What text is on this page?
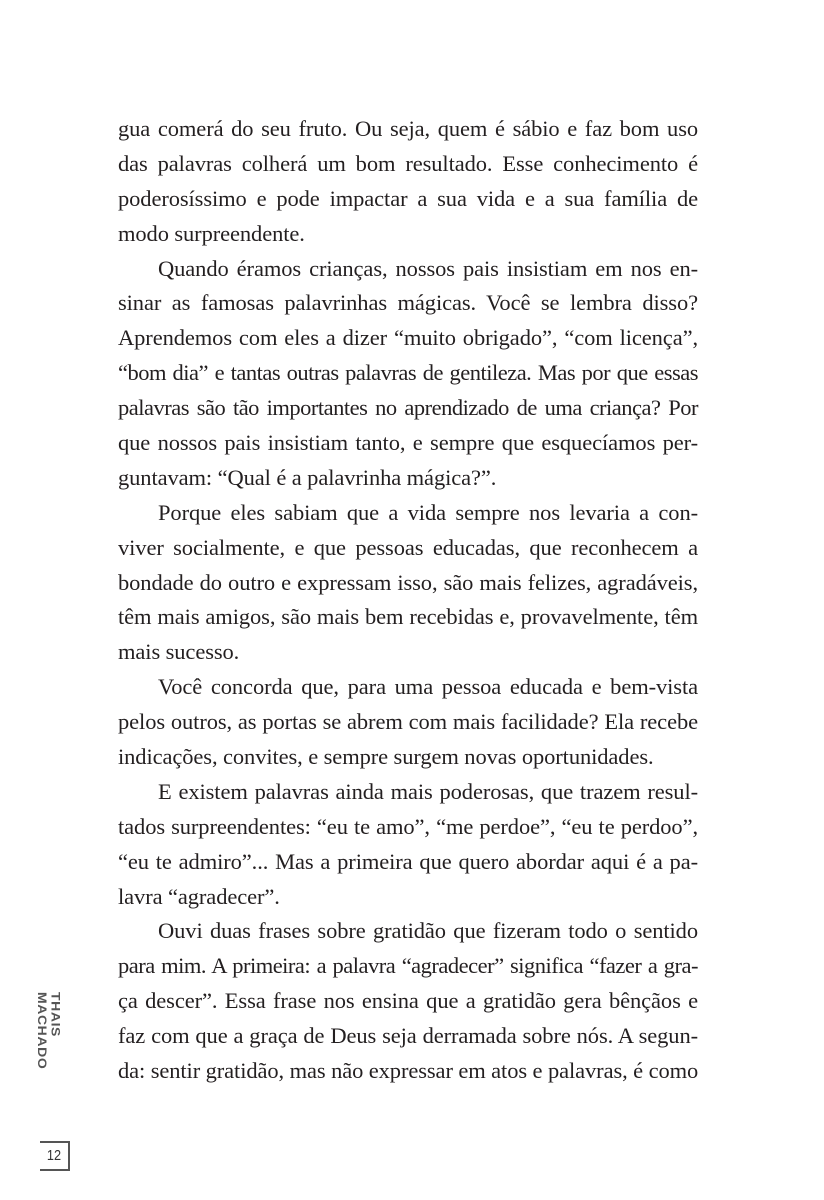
gua comerá do seu fruto. Ou seja, quem é sábio e faz bom uso
das palavras colherá um bom resultado. Esse conhecimento é
poderosíssimo e pode impactar a sua vida e a sua família de
modo surpreendente.
Quando éramos crianças, nossos pais insistiam em nos en-
sinar as famosas palavrinhas mágicas. Você se lembra disso?
Aprendemos com eles a dizer “muito obrigado”, “com licença”,
“bom dia” e tantas outras palavras de gentileza. Mas por que essas
palavras são tão importantes no aprendizado de uma criança? Por
que nossos pais insistiam tanto, e sempre que esquecíamos per-
guntavam: “Qual é a palavrinha mágica?”.
Porque eles sabiam que a vida sempre nos levaria a con-
viver socialmente, e que pessoas educadas, que reconhecem a
bondade do outro e expressam isso, são mais felizes, agradáveis,
têm mais amigos, são mais bem recebidas e, provavelmente, têm
mais sucesso.
Você concorda que, para uma pessoa educada e bem-vista
pelos outros, as portas se abrem com mais facilidade? Ela recebe
indicações, convites, e sempre surgem novas oportunidades.
E existem palavras ainda mais poderosas, que trazem resul-
tados surpreendentes: “eu te amo”, “me perdoe”, “eu te perdoo”,
“eu te admiro”... Mas a primeira que quero abordar aqui é a pa-
lavra “agradecer”.
Ouvi duas frases sobre gratidão que fizeram todo o sentido
para mim. A primeira: a palavra “agradecer” significa “fazer a gra-
ça descer”. Essa frase nos ensina que a gratidão gera bênçãos e
faz com que a graça de Deus seja derramada sobre nós. A segun-
da: sentir gratidão, mas não expressar em atos e palavras, é como
THAIS MACHADO
12
